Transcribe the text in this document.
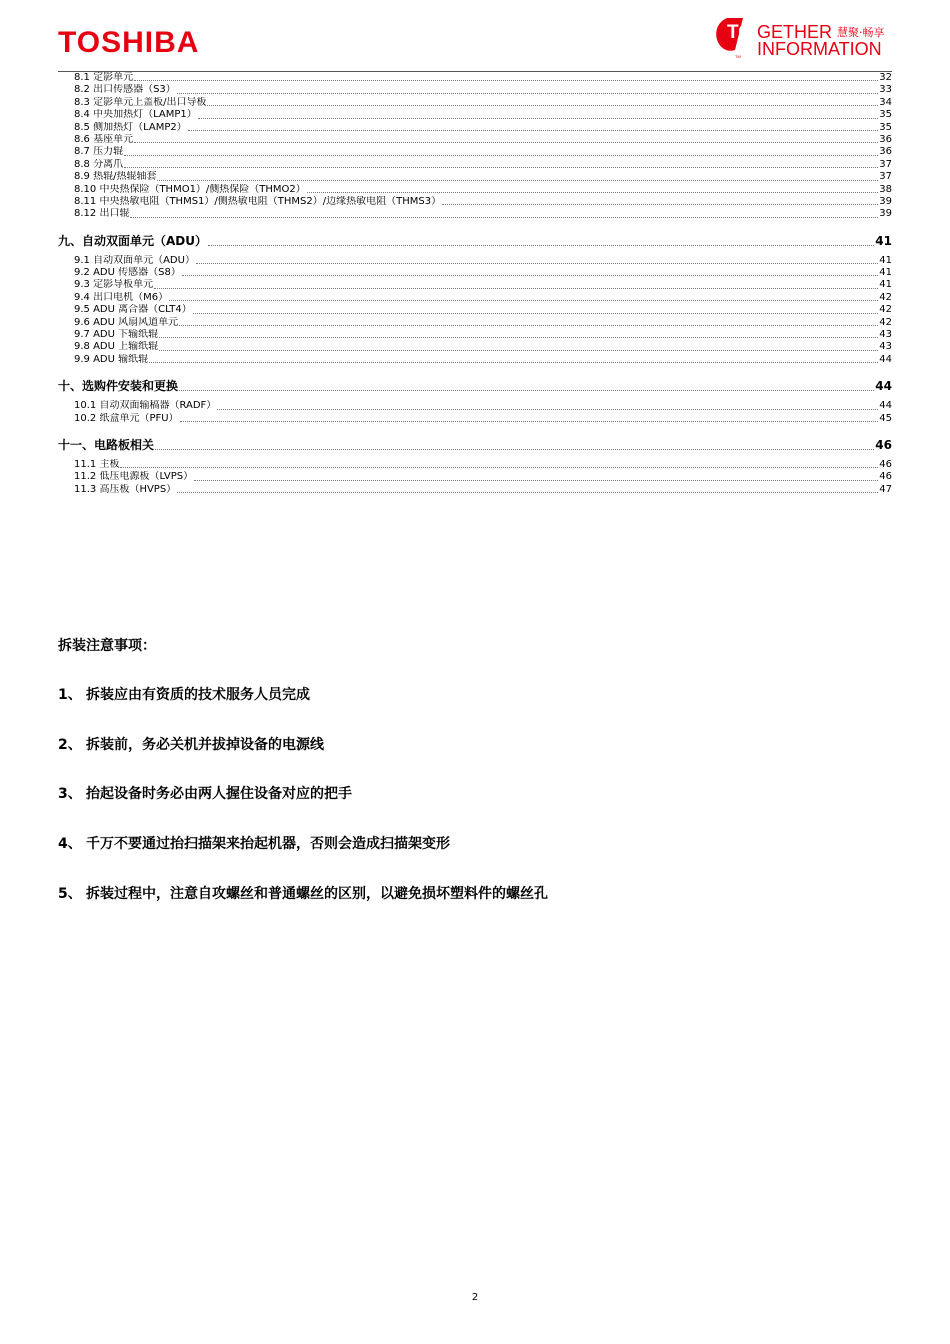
TOSHIBA	TO GETHER 慧聚·畅享
INFORMATION
TM
8.1 定影单元	32
8.2 出口传感器（S3）	33
8.3 定影单元上盖板/出口导板	34
8.4 中央加热灯（LAMP1）	35
8.5 侧加热灯（LAMP2）	35
8.6 基座单元	36
8.7 压力辊	36
8.8 分离爪	37
8.9 热辊/热辊轴套	37
8.10 中央热保险（THMO1）/侧热保险（THMO2）	38
8.11 中央热敏电阻（THMS1）/侧热敏电阻（THMS2）/边缘热敏电阻（THMS3）	39
8.12 出口辊	39
九、自动双面单元（ADU）	41
9.1 自动双面单元（ADU）	41
9.2 ADU 传感器（S8）	41
9.3 定影导板单元	41
9.4 出口电机（M6）	42
9.5 ADU 离合器（CLT4）	42
9.6 ADU 风扇风道单元	42
9.7 ADU 下输纸辊	43
9.8 ADU 上输纸辊	43
9.9 ADU 输纸辊	44
十、选购件安装和更换	44
10.1 自动双面输稿器（RADF）	44
10.2 纸盒单元（PFU）	45
十一、电路板相关	46
11.1 主板	46
11.2 低压电源板（LVPS）	46
11.3 高压板（HVPS）	47
拆装注意事项：
1、 拆装应由有资质的技术服务人员完成
2、 拆装前，务必关机并拔掉设备的电源线
3、 抬起设备时务必由两人握住设备对应的把手
4、 千万不要通过抬扫描架来抬起机器，否则会造成扫描架变形
5、 拆装过程中，注意自攻螺丝和普通螺丝的区别，以避免损坏塑料件的螺丝孔
2
